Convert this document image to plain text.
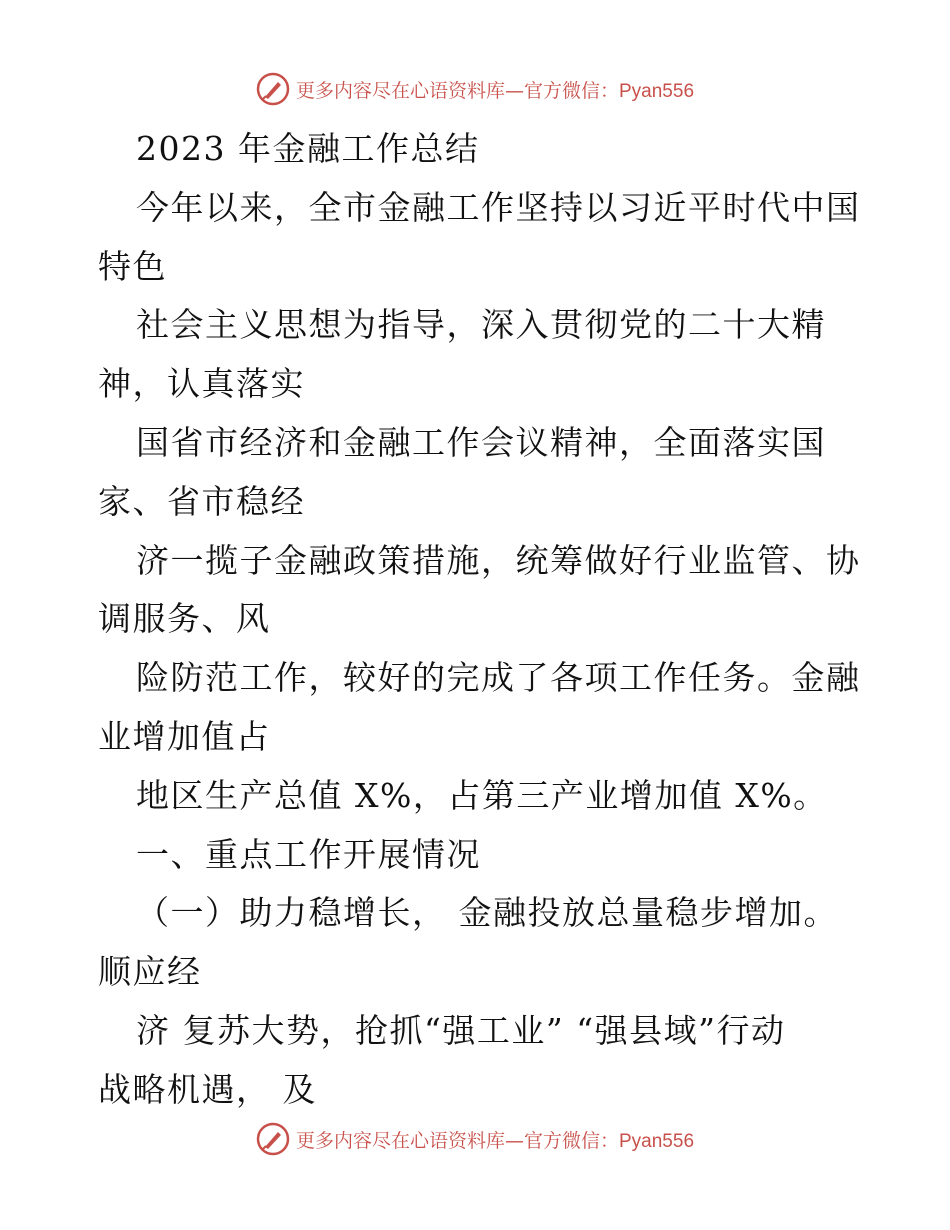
更多内容尽在心语资料库—官方微信：Pyan556
2023 年金融工作总结
今年以来，全市金融工作坚持以习近平时代中国
特色
社会主义思想为指导，深入贯彻党的二十大精
神，认真落实
国省市经济和金融工作会议精神，全面落实国
家、省市稳经
济一揽子金融政策措施，统筹做好行业监管、协
调服务、风
险防范工作，较好的完成了各项工作任务。金融
业增加值占
地区生产总值 X%，占第三产业增加值 X%。
一、重点工作开展情况
（一）助力稳增长， 金融投放总量稳步增加。
顺应经
济 复苏大势，抢抓“强工业” “强县域”行动
战略机遇， 及
更多内容尽在心语资料库—官方微信：Pyan556
